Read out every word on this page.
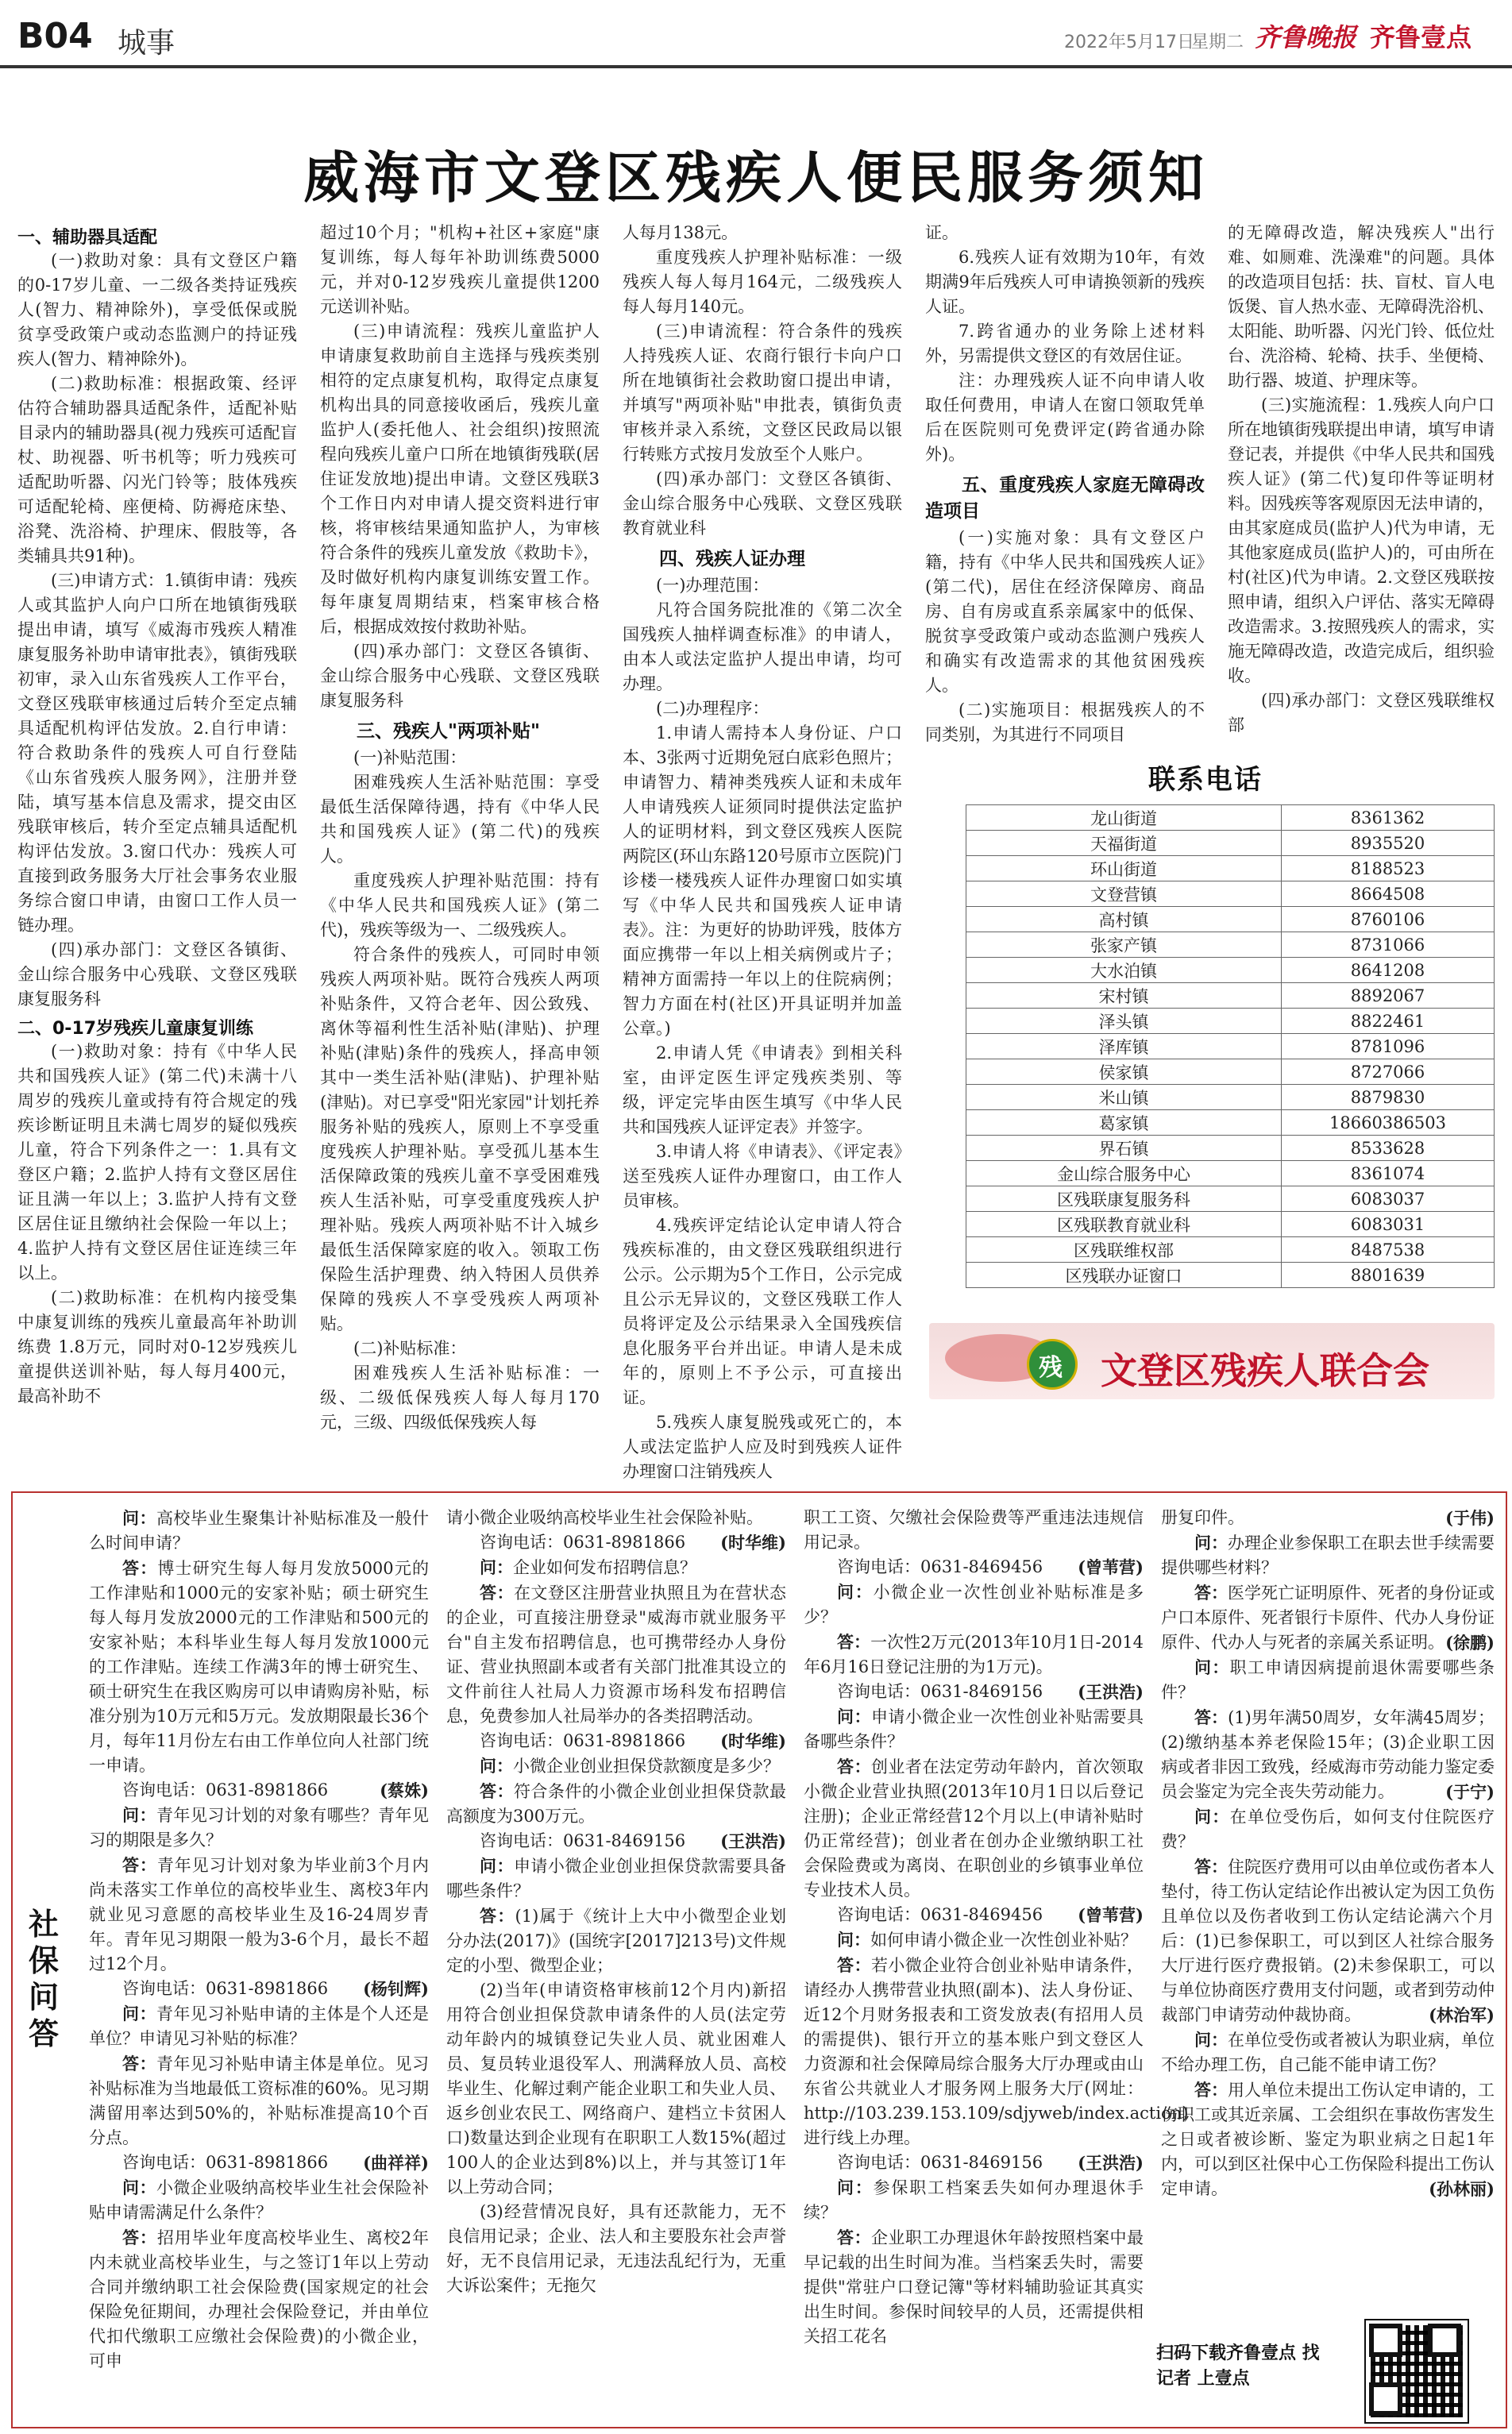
B04 城事	2022年5月17日
星期二 齐鲁晚报 齐鲁壹点
威海市文登区残疾人便民服务须知
一、辅助器具适配

(一)救助对象：具有文登区户籍的0-17岁儿童、一二级各类持证残疾人(智力、精神除外)，享受低保或脱贫享受政策户或动态监测户的持证残疾人(智力、精神除外)。

(二)救助标准：根据政策、经评估符合辅助器具适配条件，适配补贴目录内的辅助器具(视力残疾可适配盲杖、助视器、听书机等；听力残疾可适配助听器、闪光门铃等；肢体残疾可适配轮椅、座便椅、防褥疮床垫、浴凳、洗浴椅、护理床、假肢等，各类辅具共91种)。

(三)申请方式：1.镇街申请：残疾人或其监护人向户口所在地镇街残联提出申请，填写《威海市残疾人精准康复服务补助申请审批表》，镇街残联初审，录入山东省残疾人工作平台，文登区残联审核通过后转介至定点辅具适配机构评估发放。2.自行申请：符合救助条件的残疾人可自行登陆《山东省残疾人服务网》，注册并登陆，填写基本信息及需求，提交由区残联审核后，转介至定点辅具适配机构评估发放。3.窗口代办：残疾人可直接到政务服务大厅社会事务农业服务综合窗口申请，由窗口工作人员一链办理。

(四)承办部门：文登区各镇街、金山综合服务中心残联、文登区残联康复服务科

二、0-17岁残疾儿童康复训练

(一)救助对象：持有《中华人民共和国残疾人证》(第二代)未满十八周岁的残疾儿童或持有符合规定的残疾诊断证明且未满七周岁的疑似残疾儿童，符合下列条件之一：1.具有文登区户籍；2.监护人持有文登区居住证且满一年以上；3.监护人持有文登区居住证且缴纳社会保险一年以上；4.监护人持有文登区居住证连续三年以上。

(二)救助标准：在机构内接受集中康复训练的残疾儿童最高年补助训练费 1.8万元，同时对0-12岁残疾儿童提供送训补贴，每人每月400元，最高补助不

超过10个月；"机构+社区+家庭"康复训练，每人每年补助训练费5000元，并对0-12岁残疾儿童提供1200元送训补贴。

(三)申请流程：残疾儿童监护人申请康复救助前自主选择与残疾类别相符的定点康复机构，取得定点康复机构出具的同意接收函后，残疾儿童监护人(委托他人、社会组织)按照流程向残疾儿童户口所在地镇街残联(居住证发放地)提出申请。文登区残联3个工作日内对申请人提交资料进行审核，将审核结果通知监护人，为审核符合条件的残疾儿童发放《救助卡》，及时做好机构内康复训练安置工作。每年康复周期结束，档案审核合格后，根据成效按付救助补贴。

(四)承办部门：文登区各镇街、金山综合服务中心残联、文登区残联康复服务科

三、残疾人"两项补贴"

(一)补贴范围：

困难残疾人生活补贴范围：享受最低生活保障待遇，持有《中华人民共和国残疾人证》(第二代)的残疾人。

重度残疾人护理补贴范围：持有《中华人民共和国残疾人证》(第二代)，残疾等级为一、二级残疾人。

符合条件的残疾人，可同时申领残疾人两项补贴。既符合残疾人两项补贴条件，又符合老年、因公致残、离休等福利性生活补贴(津贴)、护理补贴(津贴)条件的残疾人，择高申领其中一类生活补贴(津贴)、护理补贴(津贴)。对已享受"阳光家园"计划托养服务补贴的残疾人，原则上不享受重度残疾人护理补贴。享受孤儿基本生活保障政策的残疾儿童不享受困难残疾人生活补贴，可享受重度残疾人护理补贴。残疾人两项补贴不计入城乡最低生活保障家庭的收入。领取工伤保险生活护理费、纳入特困人员供养保障的残疾人不享受残疾人两项补贴。

(二)补贴标准：

困难残疾人生活补贴标准：一级、二级低保残疾人每人每月170元，三级、四级低保残疾人每

人每月138元。

重度残疾人护理补贴标准：一级残疾人每人每月164元，二级残疾人每人每月140元。

(三)申请流程：符合条件的残疾人持残疾人证、农商行银行卡向户口所在地镇街社会救助窗口提出申请，并填写"两项补贴"申批表，镇街负责审核并录入系统，文登区民政局以银行转账方式按月发放至个人账户。

(四)承办部门：文登区各镇街、金山综合服务中心残联、文登区残联教育就业科

四、残疾人证办理

(一)办理范围：

凡符合国务院批准的《第二次全国残疾人抽样调查标准》的申请人，由本人或法定监护人提出申请，均可办理。

(二)办理程序：

1.申请人需持本人身份证、户口本、3张两寸近期免冠白底彩色照片；申请智力、精神类残疾人证和未成年人申请残疾人证须同时提供法定监护人的证明材料，到文登区残疾人医院两院区(环山东路120号原市立医院)门诊楼一楼残疾人证件办理窗口如实填写《中华人民共和国残疾人证申请表》。注：为更好的协助评残，肢体方面应携带一年以上相关病例或片子；精神方面需持一年以上的住院病例；智力方面在村(社区)开具证明并加盖公章。)

2.申请人凭《申请表》到相关科室，由评定医生评定残疾类别、等级，评定完毕由医生填写《中华人民共和国残疾人证评定表》并签字。

3.申请人将《申请表》、《评定表》送至残疾人证件办理窗口，由工作人员审核。

4.残疾评定结论认定申请人符合残疾标准的，由文登区残联组织进行公示。公示期为5个工作日，公示完成且公示无异议的，文登区残联工作人员将评定及公示结果录入全国残疾信息化服务平台并出证。申请人是未成年的，原则上不予公示，可直接出证。

5.残疾人康复脱残或死亡的，本人或法定监护人应及时到残疾人证件办理窗口注销残疾人

证。

6.残疾人证有效期为10年，有效期满9年后残疾人可申请换领新的残疾人证。

7.跨省通办的业务除上述材料外，另需提供文登区的有效居住证。

注：办理残疾人证不向申请人收取任何费用，申请人在窗口领取凭单后在医院则可免费评定(跨省通办除外)。

五、重度残疾人家庭无障碍改造项目

(一)实施对象：具有文登区户籍，持有《中华人民共和国残疾人证》(第二代)，居住在经济保障房、商品房、自有房或直系亲属家中的低保、脱贫享受政策户或动态监测户残疾人和确实有改造需求的其他贫困残疾人。

(二)实施项目：根据残疾人的不同类别，为其进行不同项目

的无障碍改造，解决残疾人"出行难、如厕难、洗澡难"的问题。具体的改造项目包括：扶、盲杖、盲人电饭煲、盲人热水壶、无障碍洗浴机、太阳能、助听器、闪光门铃、低位灶台、洗浴椅、轮椅、扶手、坐便椅、助行器、坡道、护理床等。

(三)实施流程：1.残疾人向户口所在地镇街残联提出申请，填写申请登记表，并提供《中华人民共和国残疾人证》(第二代)复印件等证明材料。因残疾等客观原因无法申请的，由其家庭成员(监护人)代为申请，无其他家庭成员(监护人)的，可由所在村(社区)代为申请。2.文登区残联按照申请，组织入户评估、落实无障碍改造需求。3.按照残疾人的需求，实施无障碍改造，改造完成后，组织验收。

(四)承办部门：文登区残联维权部

联系电话
龙山街道	8361362
天福街道	8935520
环山街道	8188523
文登营镇	8664508
高村镇	8760106
张家产镇	8731066
大水泊镇	8641208
宋村镇	8892067
泽头镇	8822461
泽库镇	8781096
侯家镇	8727066
米山镇	8879830
葛家镇	18660386503
界石镇	8533628
金山综合服务中心	8361074
区残联康复服务科	6083037
区残联教育就业科	6083031
区残联维权部	8487538
区残联办证窗口	8801639
残 文登区残疾人联合会
社保问答

问：高校毕业生聚集计补贴标准及一般什么时间申请？

答：博士研究生每人每月发放5000元的工作津贴和1000元的安家补贴；硕士研究生每人每月发放2000元的工作津贴和500元的安家补贴；本科毕业生每人每月发放1000元的工作津贴。连续工作满3年的博士研究生、硕士研究生在我区购房可以申请购房补贴，标准分别为10万元和5万元。发放期限最长36个月，每年11月份左右由工作单位向人社部门统一申请。

咨询电话：0631-8981866	(蔡姝)

问：青年见习计划的对象有哪些？青年见习的期限是多久？

答：青年见习计划对象为毕业前3个月内尚未落实工作单位的高校毕业生、离校3年内就业见习意愿的高校毕业生及16-24周岁青年。青年见习期限一般为3-6个月，最长不超过12个月。

咨询电话：0631-8981866 (杨钊辉)

问：青年见习补贴申请的主体是个人还是单位？申请见习补贴的标准？

答：青年见习补贴申请主体是单位。见习补贴标准为当地最低工资标准的60%。见习期满留用率达到50%的，补贴标准提高10个百分点。

咨询电话：0631-8981866 (曲祥祥)

问：小微企业吸纳高校毕业生社会保险补贴申请需满足什么条件？

答：招用毕业年度高校毕业生、离校2年内未就业高校毕业生，与之签订1年以上劳动合同并缴纳职工社会保险费(国家规定的社会保险免征期间，办理社会保险登记，并由单位代扣代缴职工应缴社会保险费)的小微企业，可申

请小微企业吸纳高校毕业生社会保险补贴。

咨询电话：0631-8981866 (时华维)

问：企业如何发布招聘信息？

答：在文登区注册营业执照且为在营状态的企业，可直接注册登录"威海市就业服务平台"自主发布招聘信息，也可携带经办人身份证、营业执照副本或者有关部门批准其设立的文件前往人社局人力资源市场科发布招聘信息，免费参加人社局举办的各类招聘活动。

咨询电话：0631-8981866 (时华维)

问：小微企业创业担保贷款额度是多少？

答：符合条件的小微企业创业担保贷款最高额度为300万元。

咨询电话：0631-8469156 (王洪浩)

问：申请小微企业创业担保贷款需要具备哪些条件？

答：(1)属于《统计上大中小微型企业划分办法(2017)》(国统字[2017]213号)文件规定的小型、微型企业；

(2)当年(申请资格审核前12个月内)新招用符合创业担保贷款申请条件的人员(法定劳动年龄内的城镇登记失业人员、就业困难人员、复员转业退役军人、刑满释放人员、高校毕业生、化解过剩产能企业职工和失业人员、返乡创业农民工、网络商户、建档立卡贫困人口)数量达到企业现有在职职工人数15%(超过100人的企业达到8%)以上，并与其签订1年以上劳动合同；

(3)经营情况良好，具有还款能力，无不良信用记录；企业、法人和主要股东社会声誉好，无不良信用记录，无违法乱纪行为，无重大诉讼案件；无拖欠

职工工资、欠缴社会保险费等严重违法违规信用记录。

咨询电话：0631-8469456 (曾苇营)

问：小微企业一次性创业补贴标准是多少？

答：一次性2万元(2013年10月1日-2014年6月16日登记注册的为1万元)。

咨询电话：0631-8469156 (王洪浩)

问：申请小微企业一次性创业补贴需要具备哪些条件？

答：创业者在法定劳动年龄内，首次领取小微企业营业执照(2013年10月1日以后登记注册)；企业正常经营12个月以上(申请补贴时仍正常经营)；创业者在创办企业缴纳职工社会保险费或为离岗、在职创业的乡镇事业单位专业技术人员。

咨询电话：0631-8469456 (曾苇营)

问：如何申请小微企业一次性创业补贴？

答：若小微企业符合创业补贴申请条件，请经办人携带营业执照(副本)、法人身份证、近12个月财务报表和工资发放表(有招用人员的需提供)、银行开立的基本账户到文登区人力资源和社会保障局综合服务大厅办理或由山东省公共就业人才服务网上服务大厅(网址：http://103.239.153.109/sdjyweb/index.action)进行线上办理。

咨询电话：0631-8469156 (王洪浩)

问：参保职工档案丢失如何办理退休手续？

答：企业职工办理退休年龄按照档案中最早记载的出生时间为准。当档案丢失时，需要提供"常驻户口登记簿"等材料辅助验证其真实出生时间。参保时间较早的人员，还需提供相关招工花名

册复印件。	(于伟)

问：办理企业参保职工在职去世手续需要提供哪些材料？

答：医学死亡证明原件、死者的身份证或户口本原件、死者银行卡原件、代办人身份证原件、代办人与死者的亲属关系证明。 (徐鹏)

问：职工申请因病提前退休需要哪些条件？

答：(1)男年满50周岁，女年满45周岁；(2)缴纳基本养老保险15年；(3)企业职工因病或者非因工致残，经威海市劳动能力鉴定委员会鉴定为完全丧失劳动能力。	(于宁)

问：在单位受伤后，如何支付住院医疗费？

答：住院医疗费用可以由单位或伤者本人垫付，待工伤认定结论作出被认定为因工负伤且单位以及伤者收到工伤认定结论满六个月后：(1)已参保职工，可以到区人社综合服务大厅进行医疗费报销。(2)未参保职工，可以与单位协商医疗费用支付问题，或者到劳动仲裁部门申请劳动仲裁协商。	(林治军)

问：在单位受伤或者被认为职业病，单位不给办理工伤，自己能不能申请工伤？

答：用人单位未提出工伤认定申请的，工伤职工或其近亲属、工会组织在事故伤害发生之日或者被诊断、鉴定为职业病之日起1年内，可以到区社保中心工伤保险科提出工伤认定申请。	(孙林丽)

扫码下载齐鲁壹点 找记者 上壹点
